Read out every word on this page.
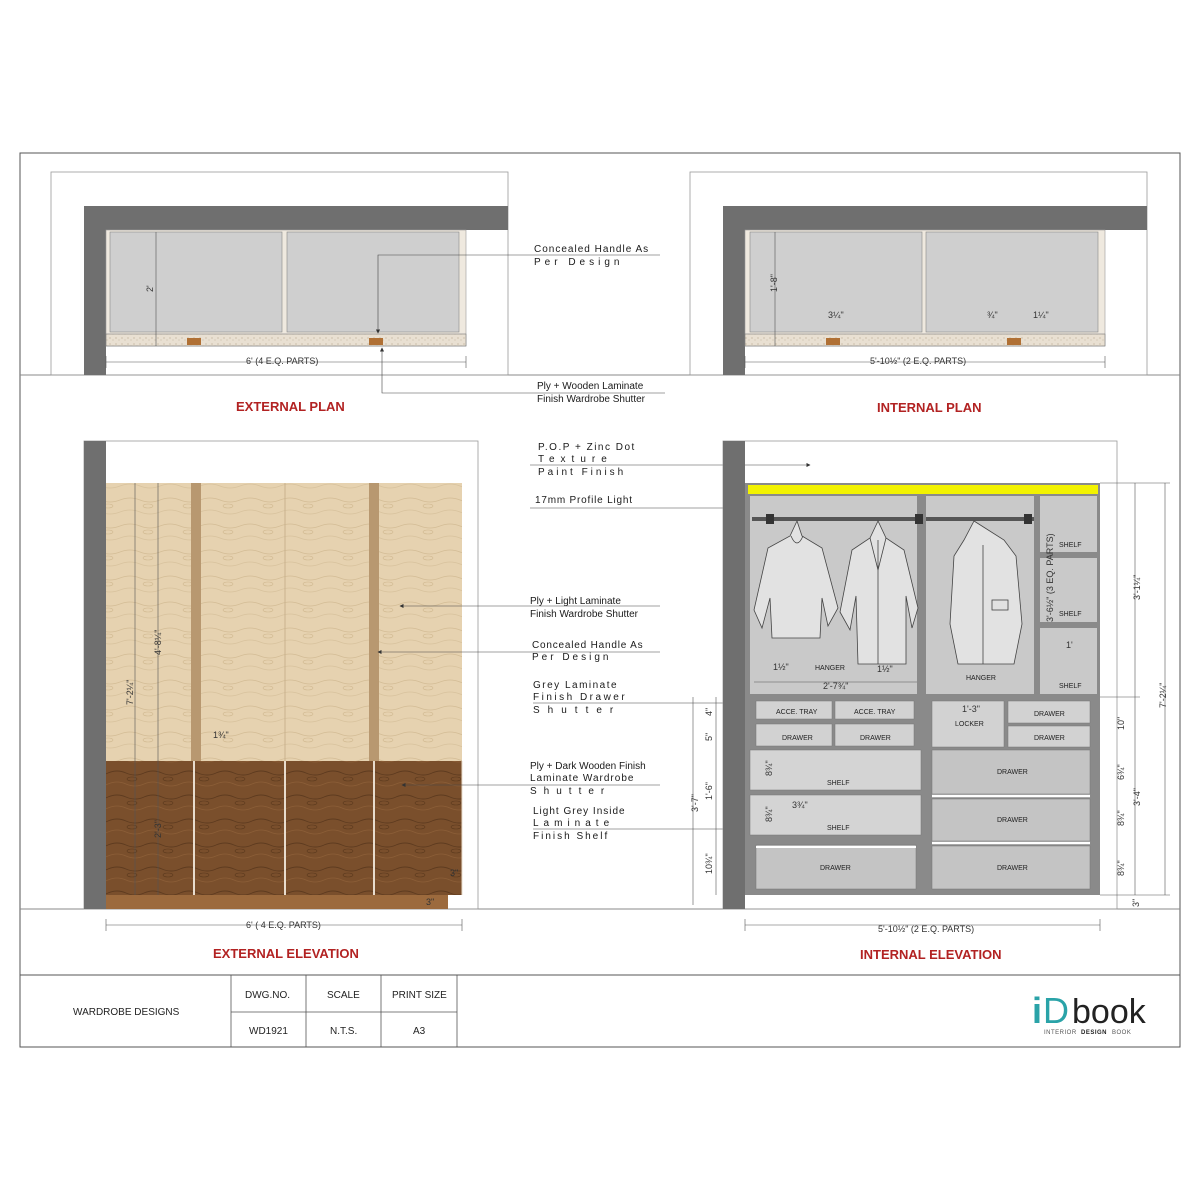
2'
6' (4 E.Q. PARTS)
EXTERNAL PLAN
1'-8"
3¼"	¾"	1¼"
5'-10½" (2 E.Q. PARTS)
INTERNAL PLAN
Concealed Handle As
Per Design
Ply + Wooden Laminate
Finish Wardrobe Shutter
7'-2¼"
4'-8¼"
1¾"
2'-3"
3"
3"
6' ( 4 E.Q. PARTS)
EXTERNAL ELEVATION
P.O.P + Zinc Dot
Texture
Paint Finish
17mm Profile Light
Ply + Light Laminate
Finish Wardrobe Shutter
Concealed Handle As
Per Design
Grey Laminate
Finish Drawer
Shutter
Ply + Dark Wooden Finish
Laminate Wardrobe
Shutter
Light Grey Inside
Laminate
Finish Shelf
HANGER
HANGER
SHELF
SHELF
SHELF
ACCE. TRAY	ACCE. TRAY
DRAWER	DRAWER
SHELF
SHELF
DRAWER
LOCKER
DRAWER
DRAWER
DRAWER
DRAWER
DRAWER
3'-6½" (3 EQ. PARTS)
1'
1½"	1½"
2'-7¾"
1'-3"
8¾"
3¾"
8¾"
4"
5"
1'-6"
3'-7"
10¾"
3'-1¼"
7'-2¼"
10"
6¾"
3'-4"
8¾"
8¾"
3"
5'-10½" (2 E.Q. PARTS)
INTERNAL ELEVATION
WARDROBE DESIGNS
DWG.NO.	SCALE	PRINT SIZE
WD1921	N.T.S.	A3
i D book
INTERIOR DESIGN BOOK
